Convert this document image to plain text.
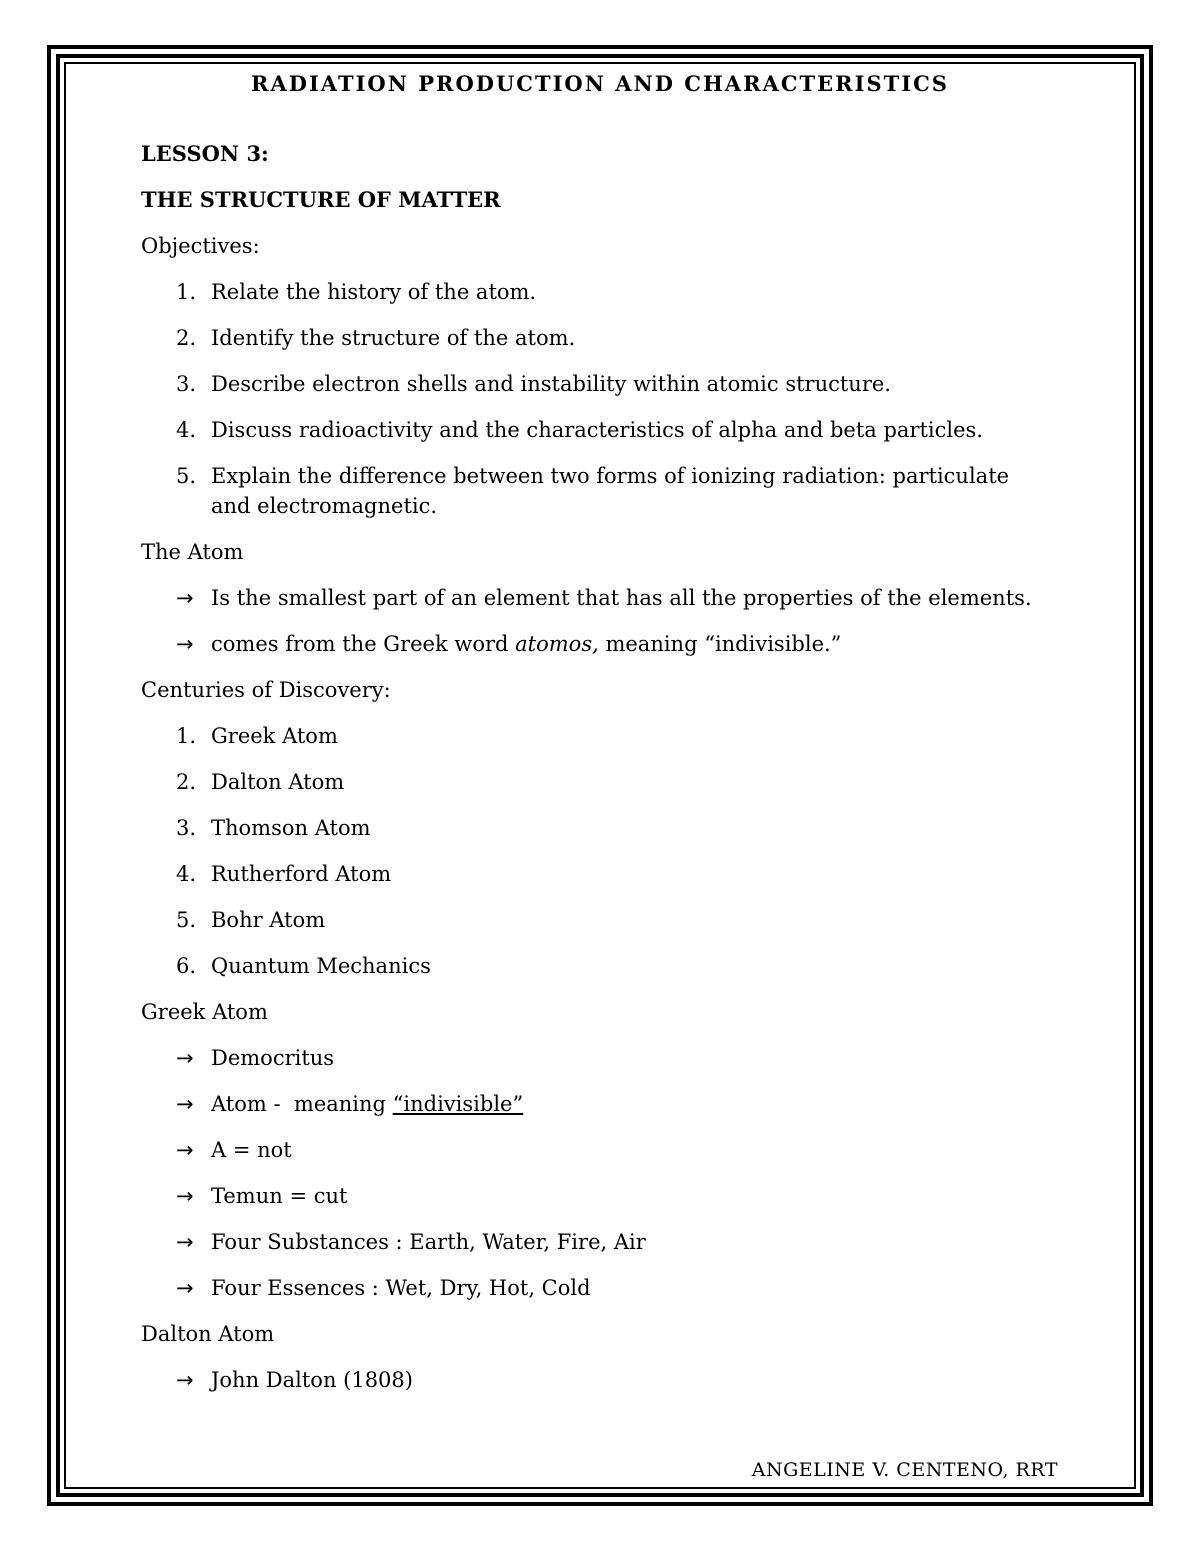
RADIATION PRODUCTION AND CHARACTERISTICS
LESSON 3:
THE STRUCTURE OF MATTER
Objectives:
1. Relate the history of the atom.
2. Identify the structure of the atom.
3. Describe electron shells and instability within atomic structure.
4. Discuss radioactivity and the characteristics of alpha and beta particles.
5. Explain the difference between two forms of ionizing radiation: particulate and electromagnetic.
The Atom
→ Is the smallest part of an element that has all the properties of the elements.
→ comes from the Greek word atomos, meaning “indivisible.”
Centuries of Discovery:
1. Greek Atom
2. Dalton Atom
3. Thomson Atom
4. Rutherford Atom
5. Bohr Atom
6. Quantum Mechanics
Greek Atom
→ Democritus
→ Atom -  meaning “indivisible”
→ A = not
→ Temun = cut
→ Four Substances : Earth, Water, Fire, Air
→ Four Essences : Wet, Dry, Hot, Cold
Dalton Atom
→ John Dalton (1808)
ANGELINE V. CENTENO, RRT
